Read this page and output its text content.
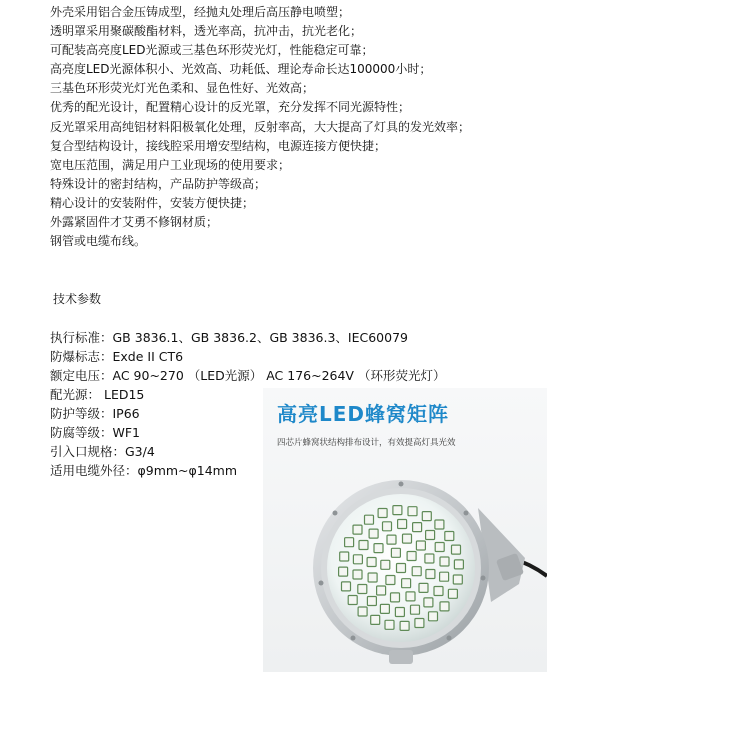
外壳采用铝合金压铸成型，经抛丸处理后高压静电喷塑；
透明罩采用聚碳酸酯材料，透光率高，抗冲击，抗光老化；
可配装高亮度LED光源或三基色环形荧光灯，性能稳定可靠；
高亮度LED光源体积小、光效高、功耗低、理论寿命长达100000小时；
三基色环形荧光灯光色柔和、显色性好、光效高；
优秀的配光设计，配置精心设计的反光罩，充分发挥不同光源特性；
反光罩采用高纯铝材料阳极氧化处理，反射率高，大大提高了灯具的发光效率；
复合型结构设计，接线腔采用增安型结构，电源连接方便快捷；
宽电压范围，满足用户工业现场的使用要求；
特殊设计的密封结构，产品防护等级高；
精心设计的安装附件，安装方便快捷；
外露紧固件才艾勇不修钢材质；
钢管或电缆布线。
技术参数
执行标准：GB 3836.1、GB 3836.2、GB 3836.3、IEC60079
防爆标志：Exde II CT6
额定电压：AC 90~270 （LED光源） AC 176~264V （环形荧光灯）
配光源： LED15
防护等级：IP66
防腐等级：WF1
引入口规格：G3/4
适用电缆外径：φ9mm~φ14mm
高亮LED蜂窝矩阵
四芯片蜂窝状结构排布设计，有效提高灯具光效
